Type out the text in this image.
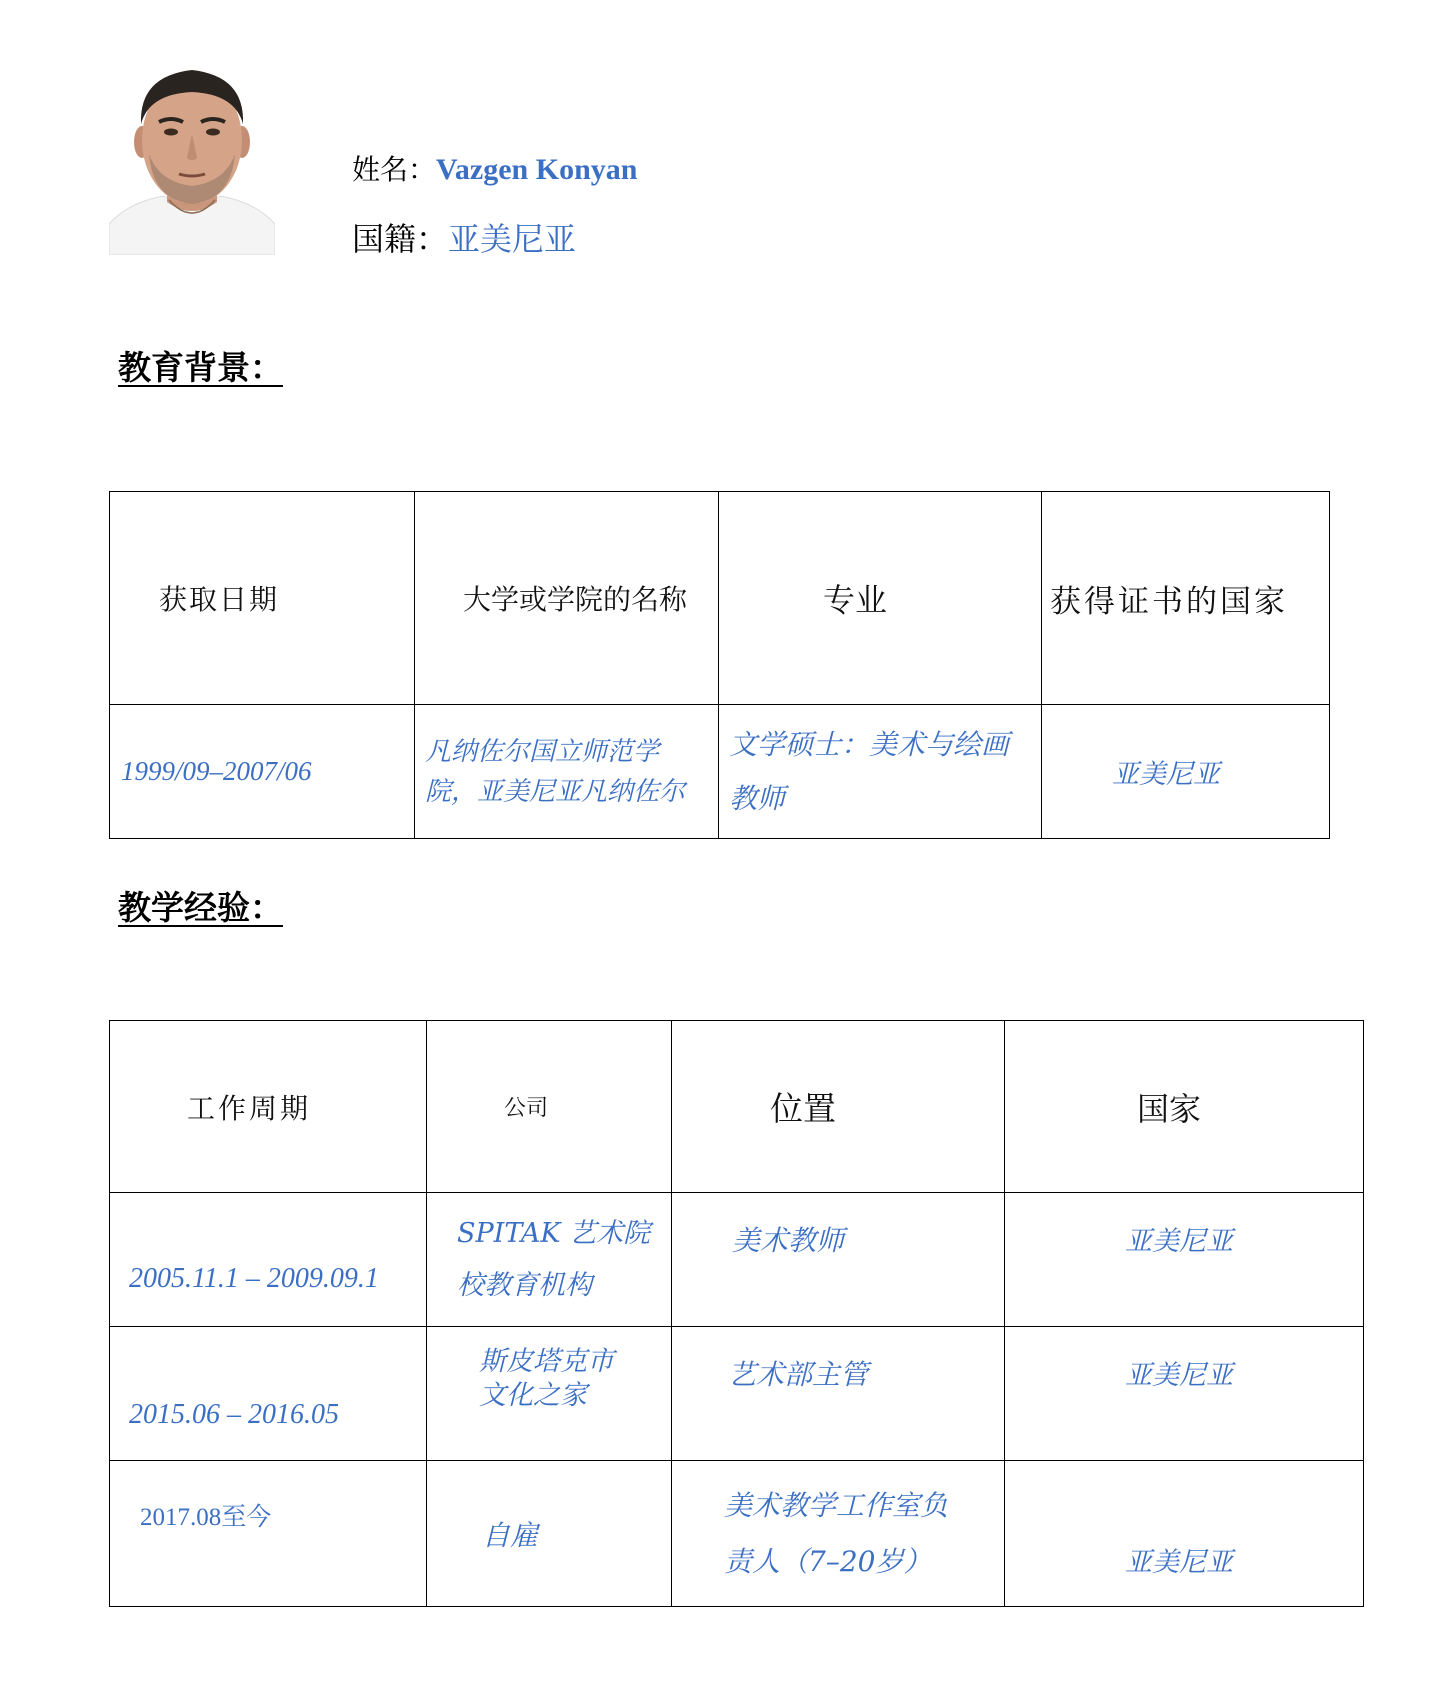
姓名：Vazgen Konyan
国籍：亚美尼亚
教育背景：
获取日期	大学或学院的名称	专业	获得证书的国家

1999/09–2007/06	凡纳佐尔国立师范学院，亚美尼亚凡纳佐尔	文学硕士：美术与绘画教师	亚美尼亚
教学经验：
工作周期	公司	位置	国家

2005.11.1 – 2009.09.1	SPITAK 艺术院校教育机构	美术教师	亚美尼亚

2015.06 – 2016.05	斯皮塔克市文化之家	艺术部主管	亚美尼亚

2017.08至今	自雇	美术教学工作室负责人（7–20岁）	亚美尼亚
